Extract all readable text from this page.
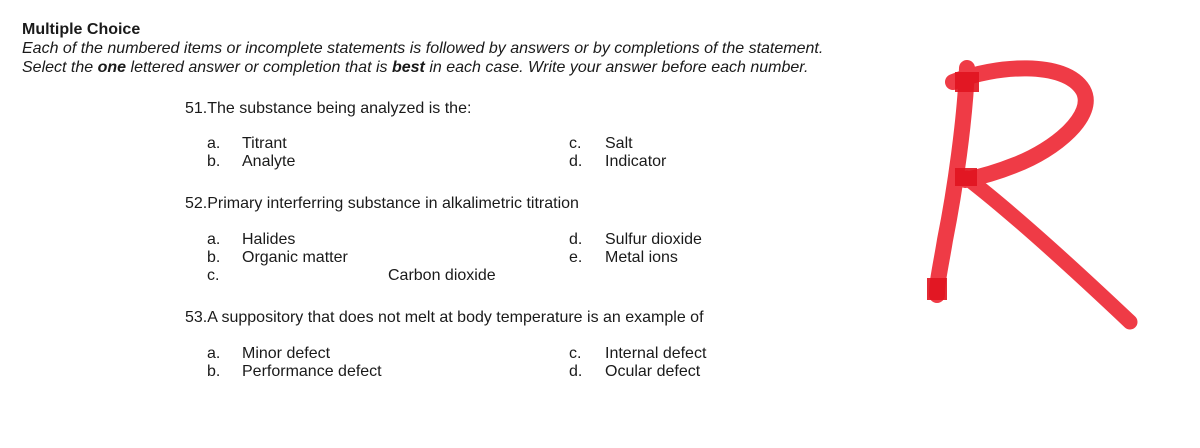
Multiple Choice
Each of the numbered items or incomplete statements is followed by answers or by completions of the statement.
Select the one lettered answer or completion that is best in each case. Write your answer before each number.
51.The substance being analyzed is the:
a. Titrant
b. Analyte
c. Salt
d. Indicator
52.Primary interferring substance in alkalimetric titration
a. Halides
b. Organic matter
c.	Carbon dioxide
d. Sulfur dioxide
e. Metal ions
53.A suppository that does not melt at body temperature is an example of
a. Minor defect
b. Performance defect
c. Internal defect
d. Ocular defect
